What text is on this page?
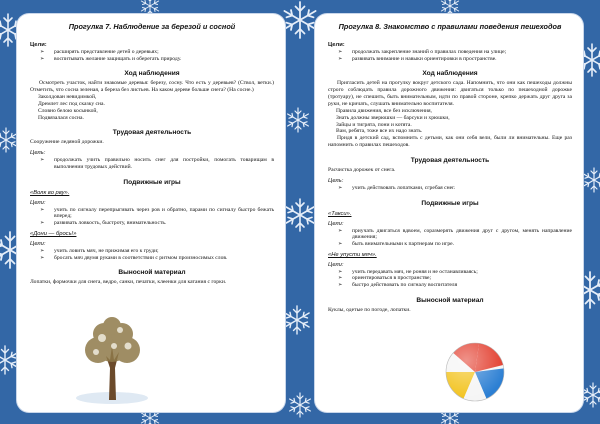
Прогулка 7. Наблюдение за березой и сосной
Цели:
➢ расширять представление детей о деревьях;
➢ воспитывать желание защищать и оберегать природу.
Ход наблюдения

Осмотреть участок, найти знакомые деревья: березу, сосну. Что есть у деревьев? (Ствол, ветки.) Отметить, что сосна зеленая, а береза без листьев. На каком дереве больше снега? (На сосне.)

Заколдован невидимкой,
Дремлет лес под сказку сна.
Словно белою косынкой,
Подвязалася сосна.
Трудовая деятельность

Сооружение ледяной дорожки.

Цель:
➢ продолжать учить правильно носить снег для постройки, помогать товарищам в выполнении трудовых действий.
Подвижные игры
«Волк во рву».
Цели:
➢ учить по сигналу перепрыгивать через ров и обратно, парами по сигналу быстро бежать вперед;
➢ развивать ловкость, быстроту, внимательность.
«Дони — брось!»
Цели:
➢ учить ловить мяч, не прижимая его к груди;
➢ бросать мяч двумя руками в соответствии с ритмом произносимых слов.
Выносной материал

Лопатки, формочки для снега, ведро, санки, печатки, клеенки для катания с горки.

Прогулка 8. Знакомство с правилами поведения пешеходов
Цели:
➢ продолжать закрепление знаний о правилах поведения на улице;
➢ развивать внимание и навыки ориентировки в пространстве.
Ход наблюдения

Пригласить детей на прогулку вокруг детского сада. Напомнить, что они как пешеходы должны строго соблюдать правила дорожного движения: двигаться только по пешеходной дорожке (тротуару), не спешить, быть внимательным, идти по правой стороне, крепко держать друг друга за руки, не кричать, слушать внимательно воспитателя.

Правила движения, все без исключения,
Знать должны зверюшки — барсуки и хрюшки,
Зайцы и тигрята, пони и котята.
Вам, ребята, тоже все их надо знать.

Придя в детский сад, вспомнить с детьми, как они себя вели, были ли внимательны. Еще раз напомнить о правилах пешеходов.

Трудовая деятельность

Расчистка дорожек от снега.

Цель:
➢ учить действовать лопатками, сгребая снег.
Подвижные игры
«Такси».
Цели:
➢ приучать двигаться вдвоем, соразмерять движения друг с другом, менять направление движения;
➢ быть внимательными к партнерам по игре.
«Не упусти мяч».
Цели:
➢ учить передавать мяч, не роняя и не останавливаясь;
➢ ориентироваться в пространстве;
➢ быстро действовать по сигналу воспитателя
Выносной материал

Куклы, одетые по погоде, лопатки.
